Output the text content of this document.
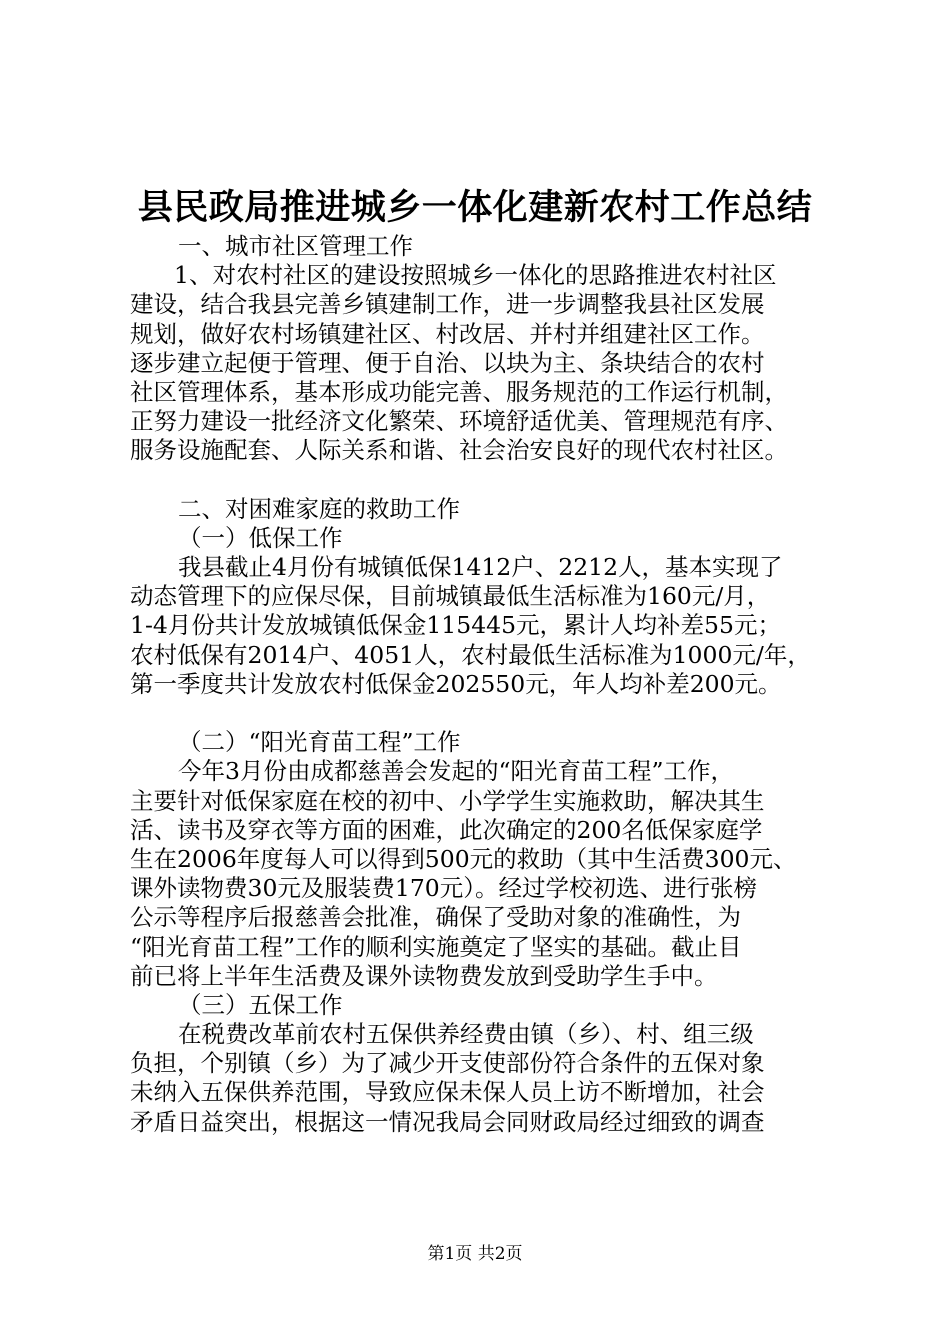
县民政局推进城乡一体化建新农村工作总结
一、城市社区管理工作
1、对农村社区的建设按照城乡一体化的思路推进农村社区
建设，结合我县完善乡镇建制工作，进一步调整我县社区发展
规划，做好农村场镇建社区、村改居、并村并组建社区工作。
逐步建立起便于管理、便于自治、以块为主、条块结合的农村
社区管理体系，基本形成功能完善、服务规范的工作运行机制，
正努力建设一批经济文化繁荣、环境舒适优美、管理规范有序、
服务设施配套、人际关系和谐、社会治安良好的现代农村社区。
二、对困难家庭的救助工作
（一）低保工作
我县截止4月份有城镇低保1412户、2212人，基本实现了
动态管理下的应保尽保，目前城镇最低生活标准为160元/月，
1-4月份共计发放城镇低保金115445元，累计人均补差55元；
农村低保有2014户、4051人，农村最低生活标准为1000元/年，
第一季度共计发放农村低保金202550元，年人均补差200元。
（二）“阳光育苗工程”工作
今年3月份由成都慈善会发起的“阳光育苗工程”工作，
主要针对低保家庭在校的初中、小学学生实施救助，解决其生
活、读书及穿衣等方面的困难，此次确定的200名低保家庭学
生在2006年度每人可以得到500元的救助（其中生活费300元、
课外读物费30元及服装费170元）。经过学校初选、进行张榜
公示等程序后报慈善会批准，确保了受助对象的准确性，为
“阳光育苗工程”工作的顺利实施奠定了坚实的基础。截止目
前已将上半年生活费及课外读物费发放到受助学生手中。
（三）五保工作
在税费改革前农村五保供养经费由镇（乡）、村、组三级
负担，个别镇（乡）为了减少开支使部份符合条件的五保对象
未纳入五保供养范围，导致应保未保人员上访不断增加，社会
矛盾日益突出，根据这一情况我局会同财政局经过细致的调查
第1页 共2页
